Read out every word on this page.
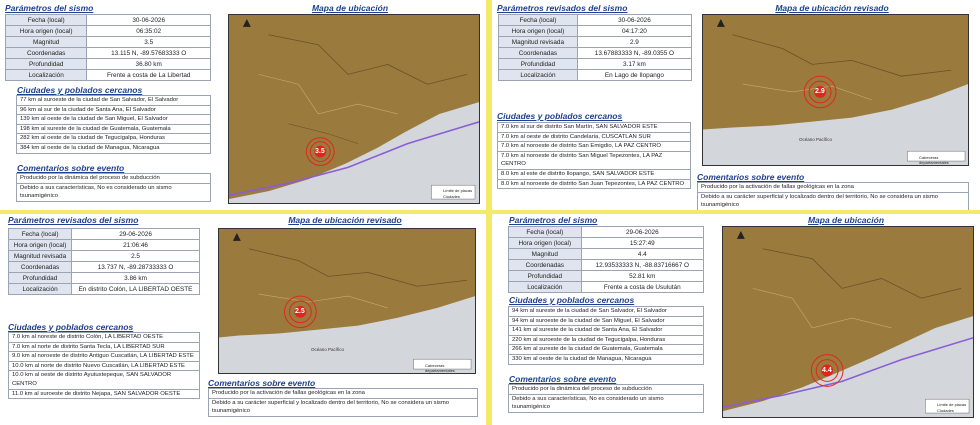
Parámetros del sismo
Fecha (local)	30-06-2026
Hora origen (local)	06:35:02
Magnitud	3.5
Coordenadas	13.115 N, -89.57683333 O
Profundidad	36.80 km
Localización	Frente a costa de La Libertad
Ciudades y poblados cercanos
77 km al suroeste de la ciudad de San Salvador, El Salvador
96 km al sur de la ciudad de Santa Ana, El Salvador
139 km al oeste de la ciudad de San Miguel, El Salvador
198 km al sureste de la ciudad de Guatemala, Guatemala
282 km al oeste de la ciudad de Tegucigalpa, Honduras
384 km al oeste de la ciudad de Managua, Nicaragua
Comentarios sobre evento
Producido por la dinámica del proceso de subducción
Debido a sus características, No es considerado un sismo tsunamigénico
Mapa de ubicación
3.5
Límite de placas
Ciudades
Parámetros revisados del sismo
Fecha (local)	30-06-2026
Hora origen (local)	04:17:20
Magnitud revisada	2.9
Coordenadas	13.67883333 N, -89.0355 O
Profundidad	3.17 km
Localización	En Lago de Ilopango
Ciudades y poblados cercanos
7.0 km al sur de distrito San Martín, SAN SALVADOR ESTE
7.0 km al oeste de distrito Candelaria, CUSCATLAN SUR
7.0 km al noroeste de distrito San Emigdio, LA PAZ CENTRO
7.0 km al noroeste de distrito San Miguel Tepezontes, LA PAZ CENTRO
8.0 km al este de distrito Ilopango, SAN SALVADOR ESTE
8.0 km al noroeste de distrito San Juan Tepezontes, LA PAZ CENTRO
Comentarios sobre evento
Producido por la activación de fallas geológicas en la zona
Debido a su carácter superficial y localizado dentro del territorio, No se considera un sismo tsunamigénico
Mapa de ubicación revisado
2.9
Océano Pacífico
Cabeceras departamentales
Parámetros revisados del sismo
Fecha (local)	29-06-2026
Hora origen (local)	21:06:46
Magnitud revisada	2.5
Coordenadas	13.737 N, -89.28733333 O
Profundidad	3.86 km
Localización	En distrito Colón, LA LIBERTAD OESTE
Ciudades y poblados cercanos
7.0 km al noreste de distrito Colón, LA LIBERTAD OESTE
7.0 km al norte de distrito Santa Tecla, LA LIBERTAD SUR
9.0 km al noroeste de distrito Antiguo Cuscatlán, LA LIBERTAD ESTE
10.0 km al norte de distrito Nuevo Cuscatlán, LA LIBERTAD ESTE
10.0 km al oeste de distrito Ayutuxtepeque, SAN SALVADOR CENTRO
11.0 km al suroeste de distrito Nejapa, SAN SALVADOR OESTE
Comentarios sobre evento
Producido por la activación de fallas geológicas en la zona
Debido a su carácter superficial y localizado dentro del territorio, No se considera un sismo tsunamigénico
Mapa de ubicación revisado
2.5
Océano Pacífico
Cabeceras departamentales
Parámetros del sismo
Fecha (local)	29-06-2026
Hora origen (local)	15:27:49
Magnitud	4.4
Coordenadas	12.93533333 N, -88.83716667 O
Profundidad	52.81 km
Localización	Frente a costa de Usulután
Ciudades y poblados cercanos
94 km al sureste de la ciudad de San Salvador, El Salvador
94 km al suroeste de la ciudad de San Miguel, El Salvador
141 km al sureste de la ciudad de Santa Ana, El Salvador
220 km al suroeste de la ciudad de Tegucigalpa, Honduras
266 km al sureste de la ciudad de Guatemala, Guatemala
330 km al oeste de la ciudad de Managua, Nicaragua
Comentarios sobre evento
Producido por la dinámica del proceso de subducción
Debido a sus características, No es considerado un sismo tsunamigénico
Mapa de ubicación
4.4
Límite de placas
Ciudades
